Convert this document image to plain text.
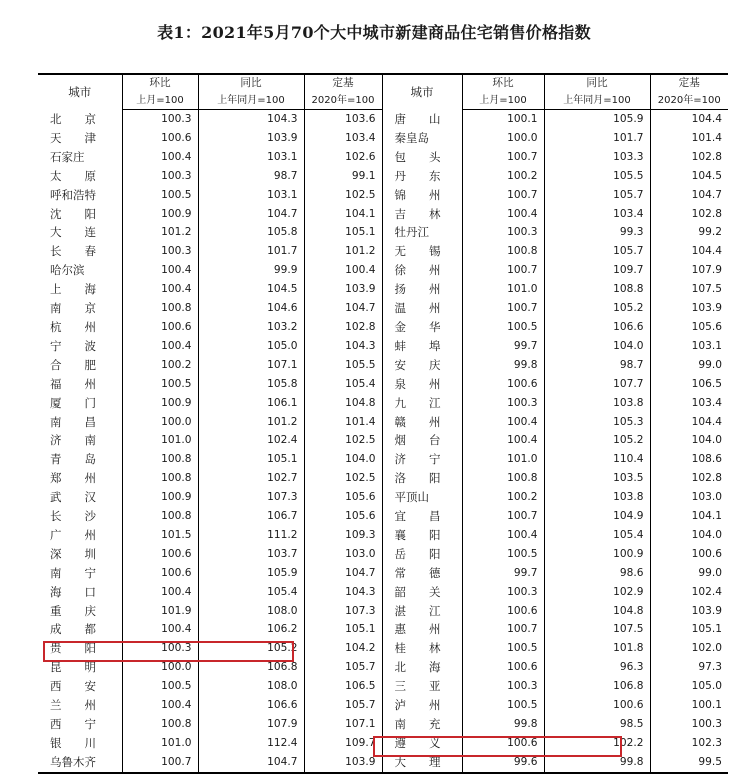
表1：2021年5月70个大中城市新建商品住宅销售价格指数
城市	环比	同比	定基	城市	环比	同比	定基
	上月=100	上年同月=100	2020年=100		上月=100	上年同月=100	2020年=100
北　　京	100.3	104.3	103.6	唐　　山	100.1	105.9	104.4
天　　津	100.6	103.9	103.4	秦皇岛	100.0	101.7	101.4
石家庄	100.4	103.1	102.6	包　　头	100.7	103.3	102.8
太　　原	100.3	98.7	99.1	丹　　东	100.2	105.5	104.5
呼和浩特	100.5	103.1	102.5	锦　　州	100.7	105.7	104.7
沈　　阳	100.9	104.7	104.1	吉　　林	100.4	103.4	102.8
大　　连	101.2	105.8	105.1	牡丹江	100.3	99.3	99.2
长　　春	100.3	101.7	101.2	无　　锡	100.8	105.7	104.4
哈尔滨	100.4	99.9	100.4	徐　　州	100.7	109.7	107.9
上　　海	100.4	104.5	103.9	扬　　州	101.0	108.8	107.5
南　　京	100.8	104.6	104.7	温　　州	100.7	105.2	103.9
杭　　州	100.6	103.2	102.8	金　　华	100.5	106.6	105.6
宁　　波	100.4	105.0	104.3	蚌　　埠	99.7	104.0	103.1
合　　肥	100.2	107.1	105.5	安　　庆	99.8	98.7	99.0
福　　州	100.5	105.8	105.4	泉　　州	100.6	107.7	106.5
厦　　门	100.9	106.1	104.8	九　　江	100.3	103.8	103.4
南　　昌	100.0	101.2	101.4	赣　　州	100.4	105.3	104.4
济　　南	101.0	102.4	102.5	烟　　台	100.4	105.2	104.0
青　　岛	100.8	105.1	104.0	济　　宁	101.0	110.4	108.6
郑　　州	100.8	102.7	102.5	洛　　阳	100.8	103.5	102.8
武　　汉	100.9	107.3	105.6	平顶山	100.2	103.8	103.0
长　　沙	100.8	106.7	105.6	宜　　昌	100.7	104.9	104.1
广　　州	101.5	111.2	109.3	襄　　阳	100.4	105.4	104.0
深　　圳	100.6	103.7	103.0	岳　　阳	100.5	100.9	100.6
南　　宁	100.6	105.9	104.7	常　　德	99.7	98.6	99.0
海　　口	100.4	105.4	104.3	韶　　关	100.3	102.9	102.4
重　　庆	101.9	108.0	107.3	湛　　江	100.6	104.8	103.9
成　　都	100.4	106.2	105.1	惠　　州	100.7	107.5	105.1
贵　　阳	100.3	105.2	104.2	桂　　林	100.5	101.8	102.0
昆　　明	100.0	106.8	105.7	北　　海	100.6	96.3	97.3
西　　安	100.5	108.0	106.5	三　　亚	100.3	106.8	105.0
兰　　州	100.4	106.6	105.7	泸　　州	100.5	100.6	100.1
西　　宁	100.8	107.9	107.1	南　　充	99.8	98.5	100.3
银　　川	101.0	112.4	109.7	遵　　义	100.6	102.2	102.3
乌鲁木齐	100.7	104.7	103.9	大　　理	99.6	99.8	99.5
